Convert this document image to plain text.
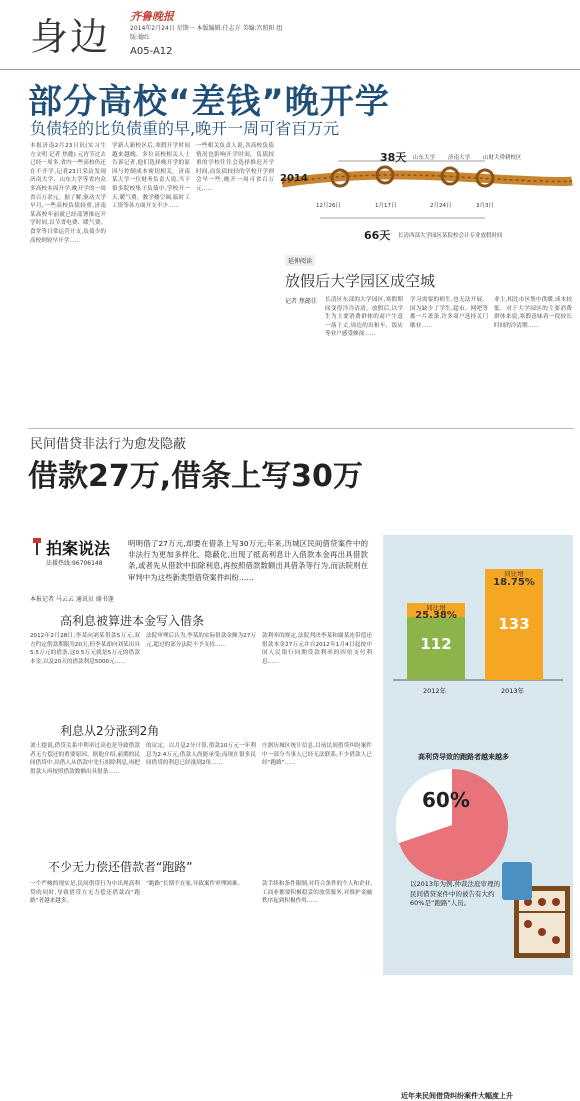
身边 齐鲁晚报
2014年2月24日 星期一 本版编辑:任志方 美编:宫照阳 组版:德红
A05-A12
部分高校“差钱”晚开学
负债轻的比负债重的早,晚开一周可省百万元
本报济南2月23日讯(实习生 方文明 记者 焦懿) 元宵节过去已经一周多,省内一些高校仍还在不开学,记者23日采访发现济南大学、山东大学等省内众多高校本周开学,晚开学的一周省百万余元。据了解,驱动大学早月,一些高校负债较重,济南某高校年前就已经部署推迟开学时间,以节省电费、暖气费、食堂等日常运营开支,负债少的高校则较早开学……
学新人新校区后,寒假开学时间越来越晚。多位高校相关人士告诉记者,他们选择晚开学的原因与控制成本密切相关。济南某大学一位财务负责人说,当下很多院校集于负债中,学校开一天,暖气费、教学楼空调,临时工工资等各方面开支不少……
一些相关负责人说,各高校负债情况也影响开学时间。负债较重的学校往往会选择推迟开学时间,而负债较轻的学校开学则会早一些,晚开一周可省百万元……
38天 山东大学 济南大学 山财大舜耕校区
2014
12月26日	1月17日	2月24日	3月3日
66天 长清西部大学园区某院校会计专业放假时间
延伸阅读
放假后大学园区成空城
记者 焦懿佳 长清区东部的大学园区,寒假期间变得冷冷清清。放假后,以学生为主要消费群体的商户生意一落千丈,周边的出租车、饭店等业户感受颇深……
学习需要的师生,也无法开展。因为缺少了学生,超市、网吧等都一片萧条,许多商户选择关门歇业……
业主,相比市区集中供暖,成本较低。对于大学园区的主要消费群体来说,寒假意味着一段较长时间的冷清期……
民间借贷非法行为愈发隐蔽
借款27万,借条上写30万
拍案说法
法援热线:96706148
明明借了27万元,却要在借条上写30万元;年来,历城区民间借贷案件中的非法行为更加多样化、隐蔽化,出现了抵高利息计入借款本金再出具借款条,或者先从借款中扣除利息,再按照借款数额出具借条等行为,而法院则在审判中为这些新类型借贷案件纠纷……
本报记者 马云云 通讯员 谢书逢
高利息被算进本金写入借条
2012年2月28日,李某向刘某借款5万元,双方约定借款期限为20天,但李某却向刘某出具5.5万元的借条,这0.5万元就是5万元的借款本金,以及20天的借款利息5000元……
法院审理后认为,李某的实际借款金额为27万元,超过的部分法院不予支持……
款利率的规定,法院判决李某和谢某连带偿还借款本金27万元并自2012年1月4日起按中国人民银行同期贷款利率的四倍支付利息……
利息从2分涨到2角
刘士提说,借贷关系中利率过高也是导致借款者无力偿还的重要原因。据他介绍,前期的民间借贷中,出借人从借款中先行扣除利息,再把借款人再按照借款数额出具借条……
的议定。以月息2分计算,借款10万元一年利息为2.4万元,借款人尚能承受;而现在很多民间借贷的利息已经涨到2角……
庄据历城区统计信息,目前民间借贷纠纷案件中一部分当事人已经无法联系,不少借款人已经“跑路”……
不少无力偿还借款者“跑路”
一个严峻的现实是,民间借贷行为中出现高利贷的同时,导致借贷方无力偿还借款而“跑路”者越来越多。
“跑路”长期不在家,导致案件审理困难。	款手续和条件限制,对符合条件的个人和企业,工商业都要积极稳妥的放贷服务,对维护金融秩序起到积极作用……
近年来民间借贷纠纷案件大幅度上升
同比增
25.38%
112
同比增
18.75%
133
2012年	2013年
高利贷导致的跑路者越来越多
60%
以2013年为例,仲裁法庭审理的民间借贷案件中的被告有大约60%是“跑路”人员。
